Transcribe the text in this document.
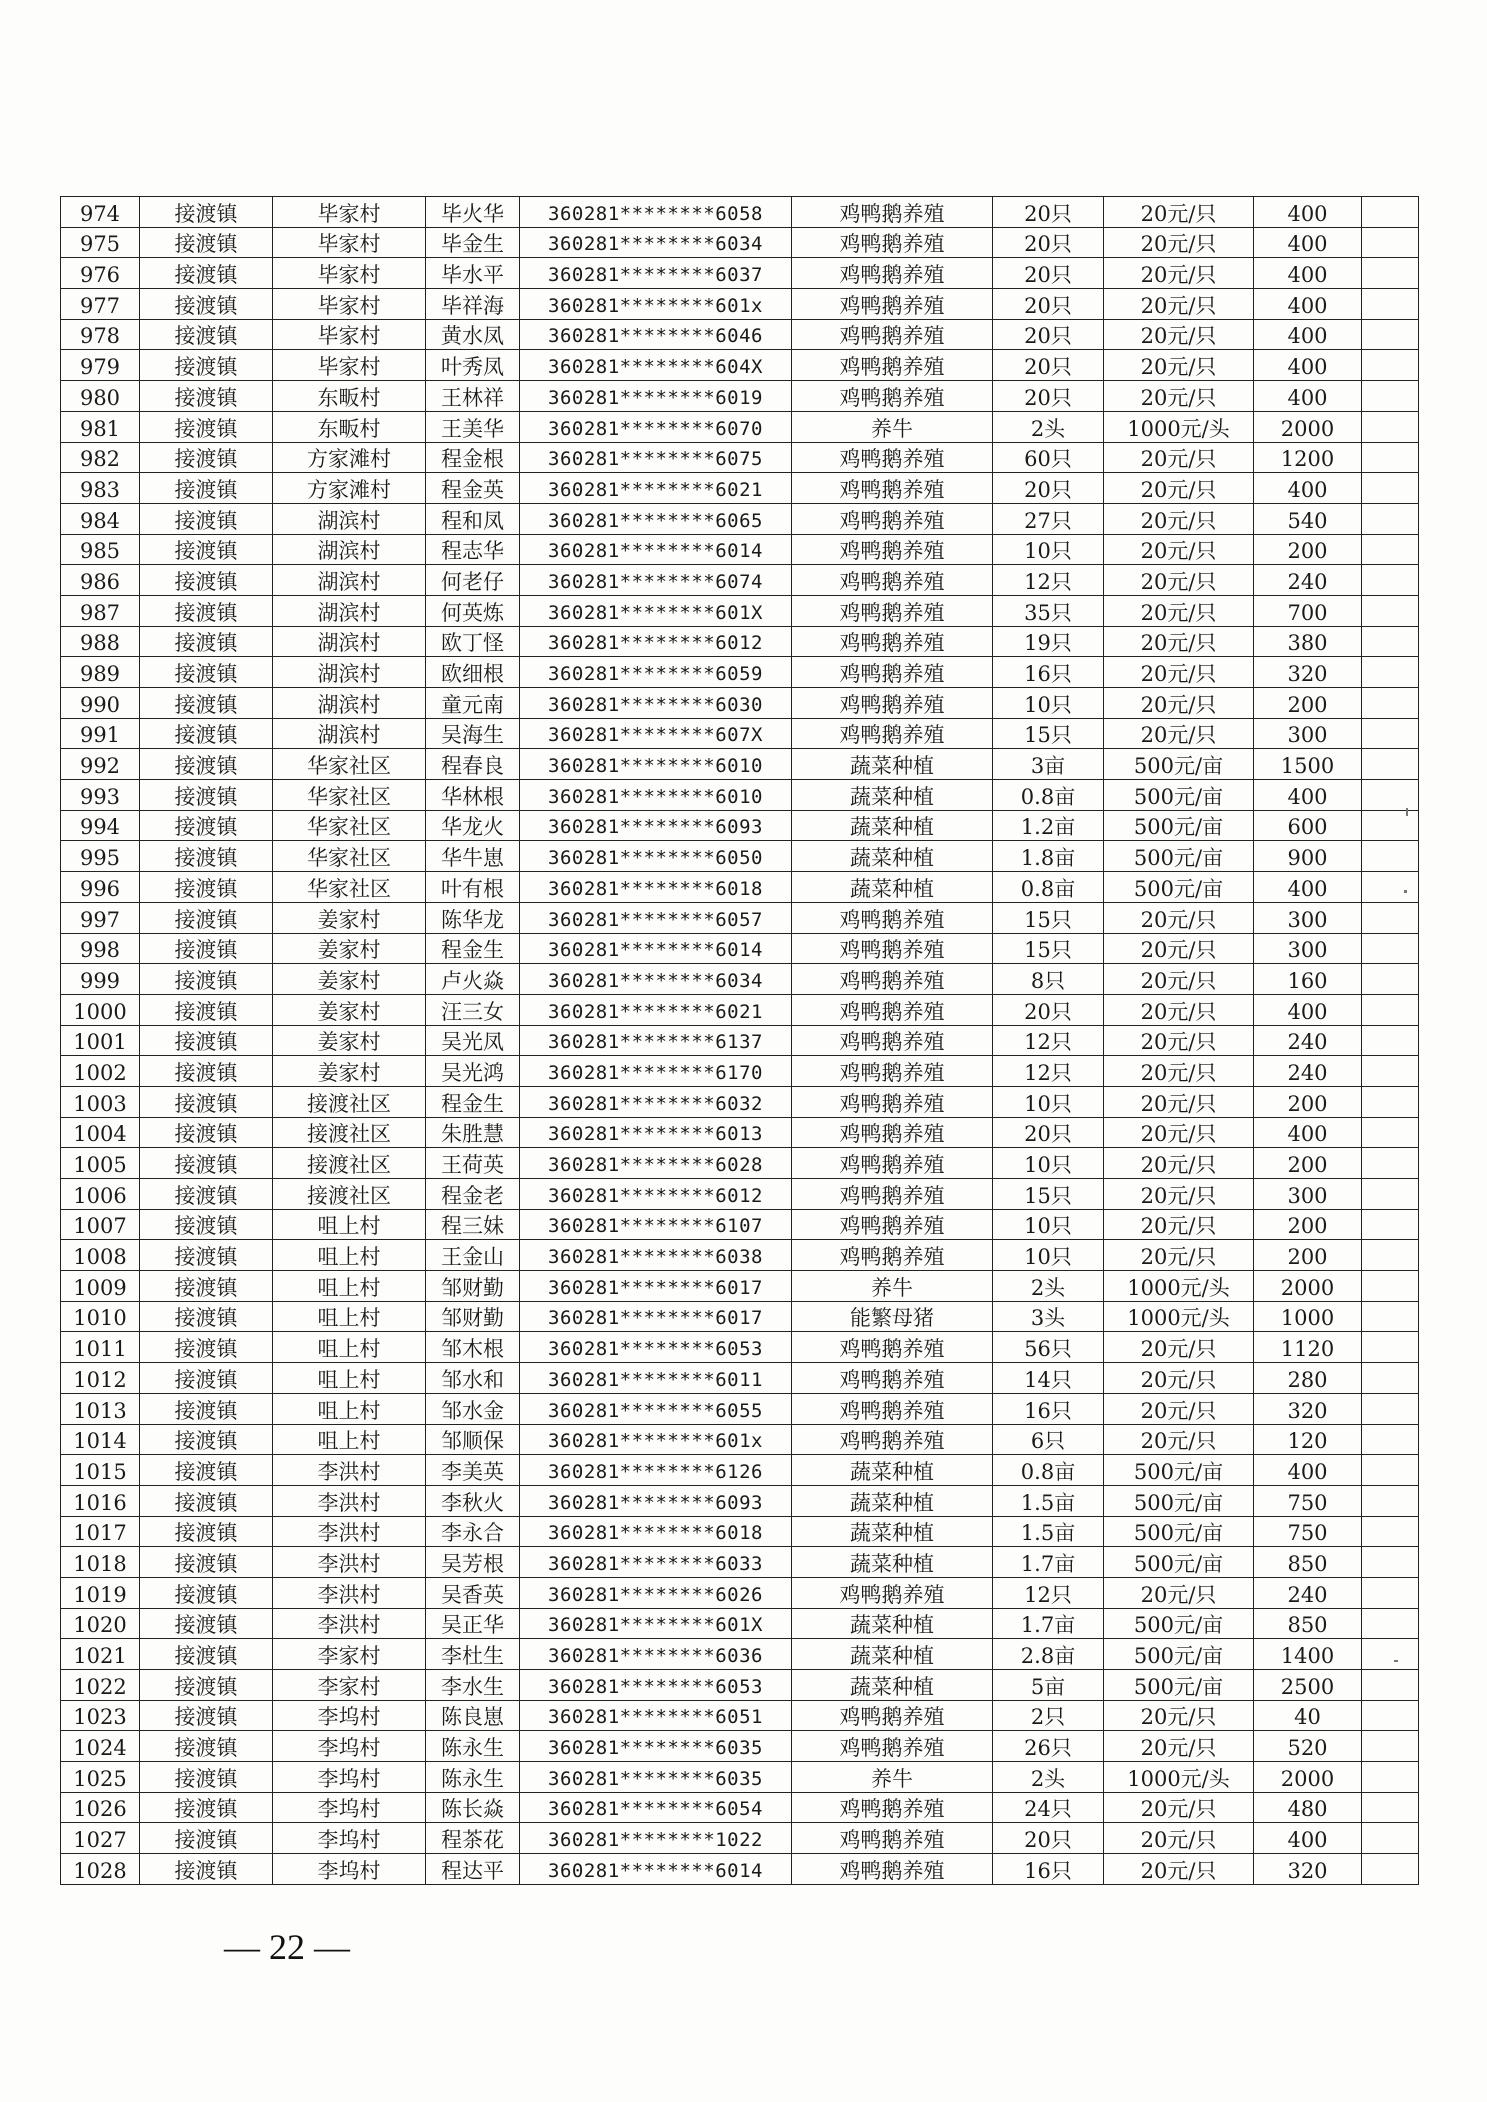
974	接渡镇	毕家村	毕火华	360281********6058	鸡鸭鹅养殖	20只	20元/只	400	
975	接渡镇	毕家村	毕金生	360281********6034	鸡鸭鹅养殖	20只	20元/只	400	
976	接渡镇	毕家村	毕水平	360281********6037	鸡鸭鹅养殖	20只	20元/只	400	
977	接渡镇	毕家村	毕祥海	360281********601x	鸡鸭鹅养殖	20只	20元/只	400	
978	接渡镇	毕家村	黄水凤	360281********6046	鸡鸭鹅养殖	20只	20元/只	400	
979	接渡镇	毕家村	叶秀凤	360281********604X	鸡鸭鹅养殖	20只	20元/只	400	
980	接渡镇	东畈村	王林祥	360281********6019	鸡鸭鹅养殖	20只	20元/只	400	
981	接渡镇	东畈村	王美华	360281********6070	养牛	2头	1000元/头	2000	
982	接渡镇	方家滩村	程金根	360281********6075	鸡鸭鹅养殖	60只	20元/只	1200	
983	接渡镇	方家滩村	程金英	360281********6021	鸡鸭鹅养殖	20只	20元/只	400	
984	接渡镇	湖滨村	程和凤	360281********6065	鸡鸭鹅养殖	27只	20元/只	540	
985	接渡镇	湖滨村	程志华	360281********6014	鸡鸭鹅养殖	10只	20元/只	200	
986	接渡镇	湖滨村	何老仔	360281********6074	鸡鸭鹅养殖	12只	20元/只	240	
987	接渡镇	湖滨村	何英炼	360281********601X	鸡鸭鹅养殖	35只	20元/只	700	
988	接渡镇	湖滨村	欧丁怪	360281********6012	鸡鸭鹅养殖	19只	20元/只	380	
989	接渡镇	湖滨村	欧细根	360281********6059	鸡鸭鹅养殖	16只	20元/只	320	
990	接渡镇	湖滨村	童元南	360281********6030	鸡鸭鹅养殖	10只	20元/只	200	
991	接渡镇	湖滨村	吴海生	360281********607X	鸡鸭鹅养殖	15只	20元/只	300	
992	接渡镇	华家社区	程春良	360281********6010	蔬菜种植	3亩	500元/亩	1500	
993	接渡镇	华家社区	华林根	360281********6010	蔬菜种植	0.8亩	500元/亩	400	
994	接渡镇	华家社区	华龙火	360281********6093	蔬菜种植	1.2亩	500元/亩	600	
995	接渡镇	华家社区	华牛崽	360281********6050	蔬菜种植	1.8亩	500元/亩	900	
996	接渡镇	华家社区	叶有根	360281********6018	蔬菜种植	0.8亩	500元/亩	400	
997	接渡镇	姜家村	陈华龙	360281********6057	鸡鸭鹅养殖	15只	20元/只	300	
998	接渡镇	姜家村	程金生	360281********6014	鸡鸭鹅养殖	15只	20元/只	300	
999	接渡镇	姜家村	卢火焱	360281********6034	鸡鸭鹅养殖	8只	20元/只	160	
1000	接渡镇	姜家村	汪三女	360281********6021	鸡鸭鹅养殖	20只	20元/只	400	
1001	接渡镇	姜家村	吴光凤	360281********6137	鸡鸭鹅养殖	12只	20元/只	240	
1002	接渡镇	姜家村	吴光鸿	360281********6170	鸡鸭鹅养殖	12只	20元/只	240	
1003	接渡镇	接渡社区	程金生	360281********6032	鸡鸭鹅养殖	10只	20元/只	200	
1004	接渡镇	接渡社区	朱胜慧	360281********6013	鸡鸭鹅养殖	20只	20元/只	400	
1005	接渡镇	接渡社区	王荷英	360281********6028	鸡鸭鹅养殖	10只	20元/只	200	
1006	接渡镇	接渡社区	程金老	360281********6012	鸡鸭鹅养殖	15只	20元/只	300	
1007	接渡镇	咀上村	程三妹	360281********6107	鸡鸭鹅养殖	10只	20元/只	200	
1008	接渡镇	咀上村	王金山	360281********6038	鸡鸭鹅养殖	10只	20元/只	200	
1009	接渡镇	咀上村	邹财勤	360281********6017	养牛	2头	1000元/头	2000	
1010	接渡镇	咀上村	邹财勤	360281********6017	能繁母猪	3头	1000元/头	1000	
1011	接渡镇	咀上村	邹木根	360281********6053	鸡鸭鹅养殖	56只	20元/只	1120	
1012	接渡镇	咀上村	邹水和	360281********6011	鸡鸭鹅养殖	14只	20元/只	280	
1013	接渡镇	咀上村	邹水金	360281********6055	鸡鸭鹅养殖	16只	20元/只	320	
1014	接渡镇	咀上村	邹顺保	360281********601x	鸡鸭鹅养殖	6只	20元/只	120	
1015	接渡镇	李洪村	李美英	360281********6126	蔬菜种植	0.8亩	500元/亩	400	
1016	接渡镇	李洪村	李秋火	360281********6093	蔬菜种植	1.5亩	500元/亩	750	
1017	接渡镇	李洪村	李永合	360281********6018	蔬菜种植	1.5亩	500元/亩	750	
1018	接渡镇	李洪村	吴芳根	360281********6033	蔬菜种植	1.7亩	500元/亩	850	
1019	接渡镇	李洪村	吴香英	360281********6026	鸡鸭鹅养殖	12只	20元/只	240	
1020	接渡镇	李洪村	吴正华	360281********601X	蔬菜种植	1.7亩	500元/亩	850	
1021	接渡镇	李家村	李杜生	360281********6036	蔬菜种植	2.8亩	500元/亩	1400	
1022	接渡镇	李家村	李水生	360281********6053	蔬菜种植	5亩	500元/亩	2500	
1023	接渡镇	李坞村	陈良崽	360281********6051	鸡鸭鹅养殖	2只	20元/只	40	
1024	接渡镇	李坞村	陈永生	360281********6035	鸡鸭鹅养殖	26只	20元/只	520	
1025	接渡镇	李坞村	陈永生	360281********6035	养牛	2头	1000元/头	2000	
1026	接渡镇	李坞村	陈长焱	360281********6054	鸡鸭鹅养殖	24只	20元/只	480	
1027	接渡镇	李坞村	程茶花	360281********1022	鸡鸭鹅养殖	20只	20元/只	400	
1028	接渡镇	李坞村	程达平	360281********6014	鸡鸭鹅养殖	16只	20元/只	320	
— 22 —
